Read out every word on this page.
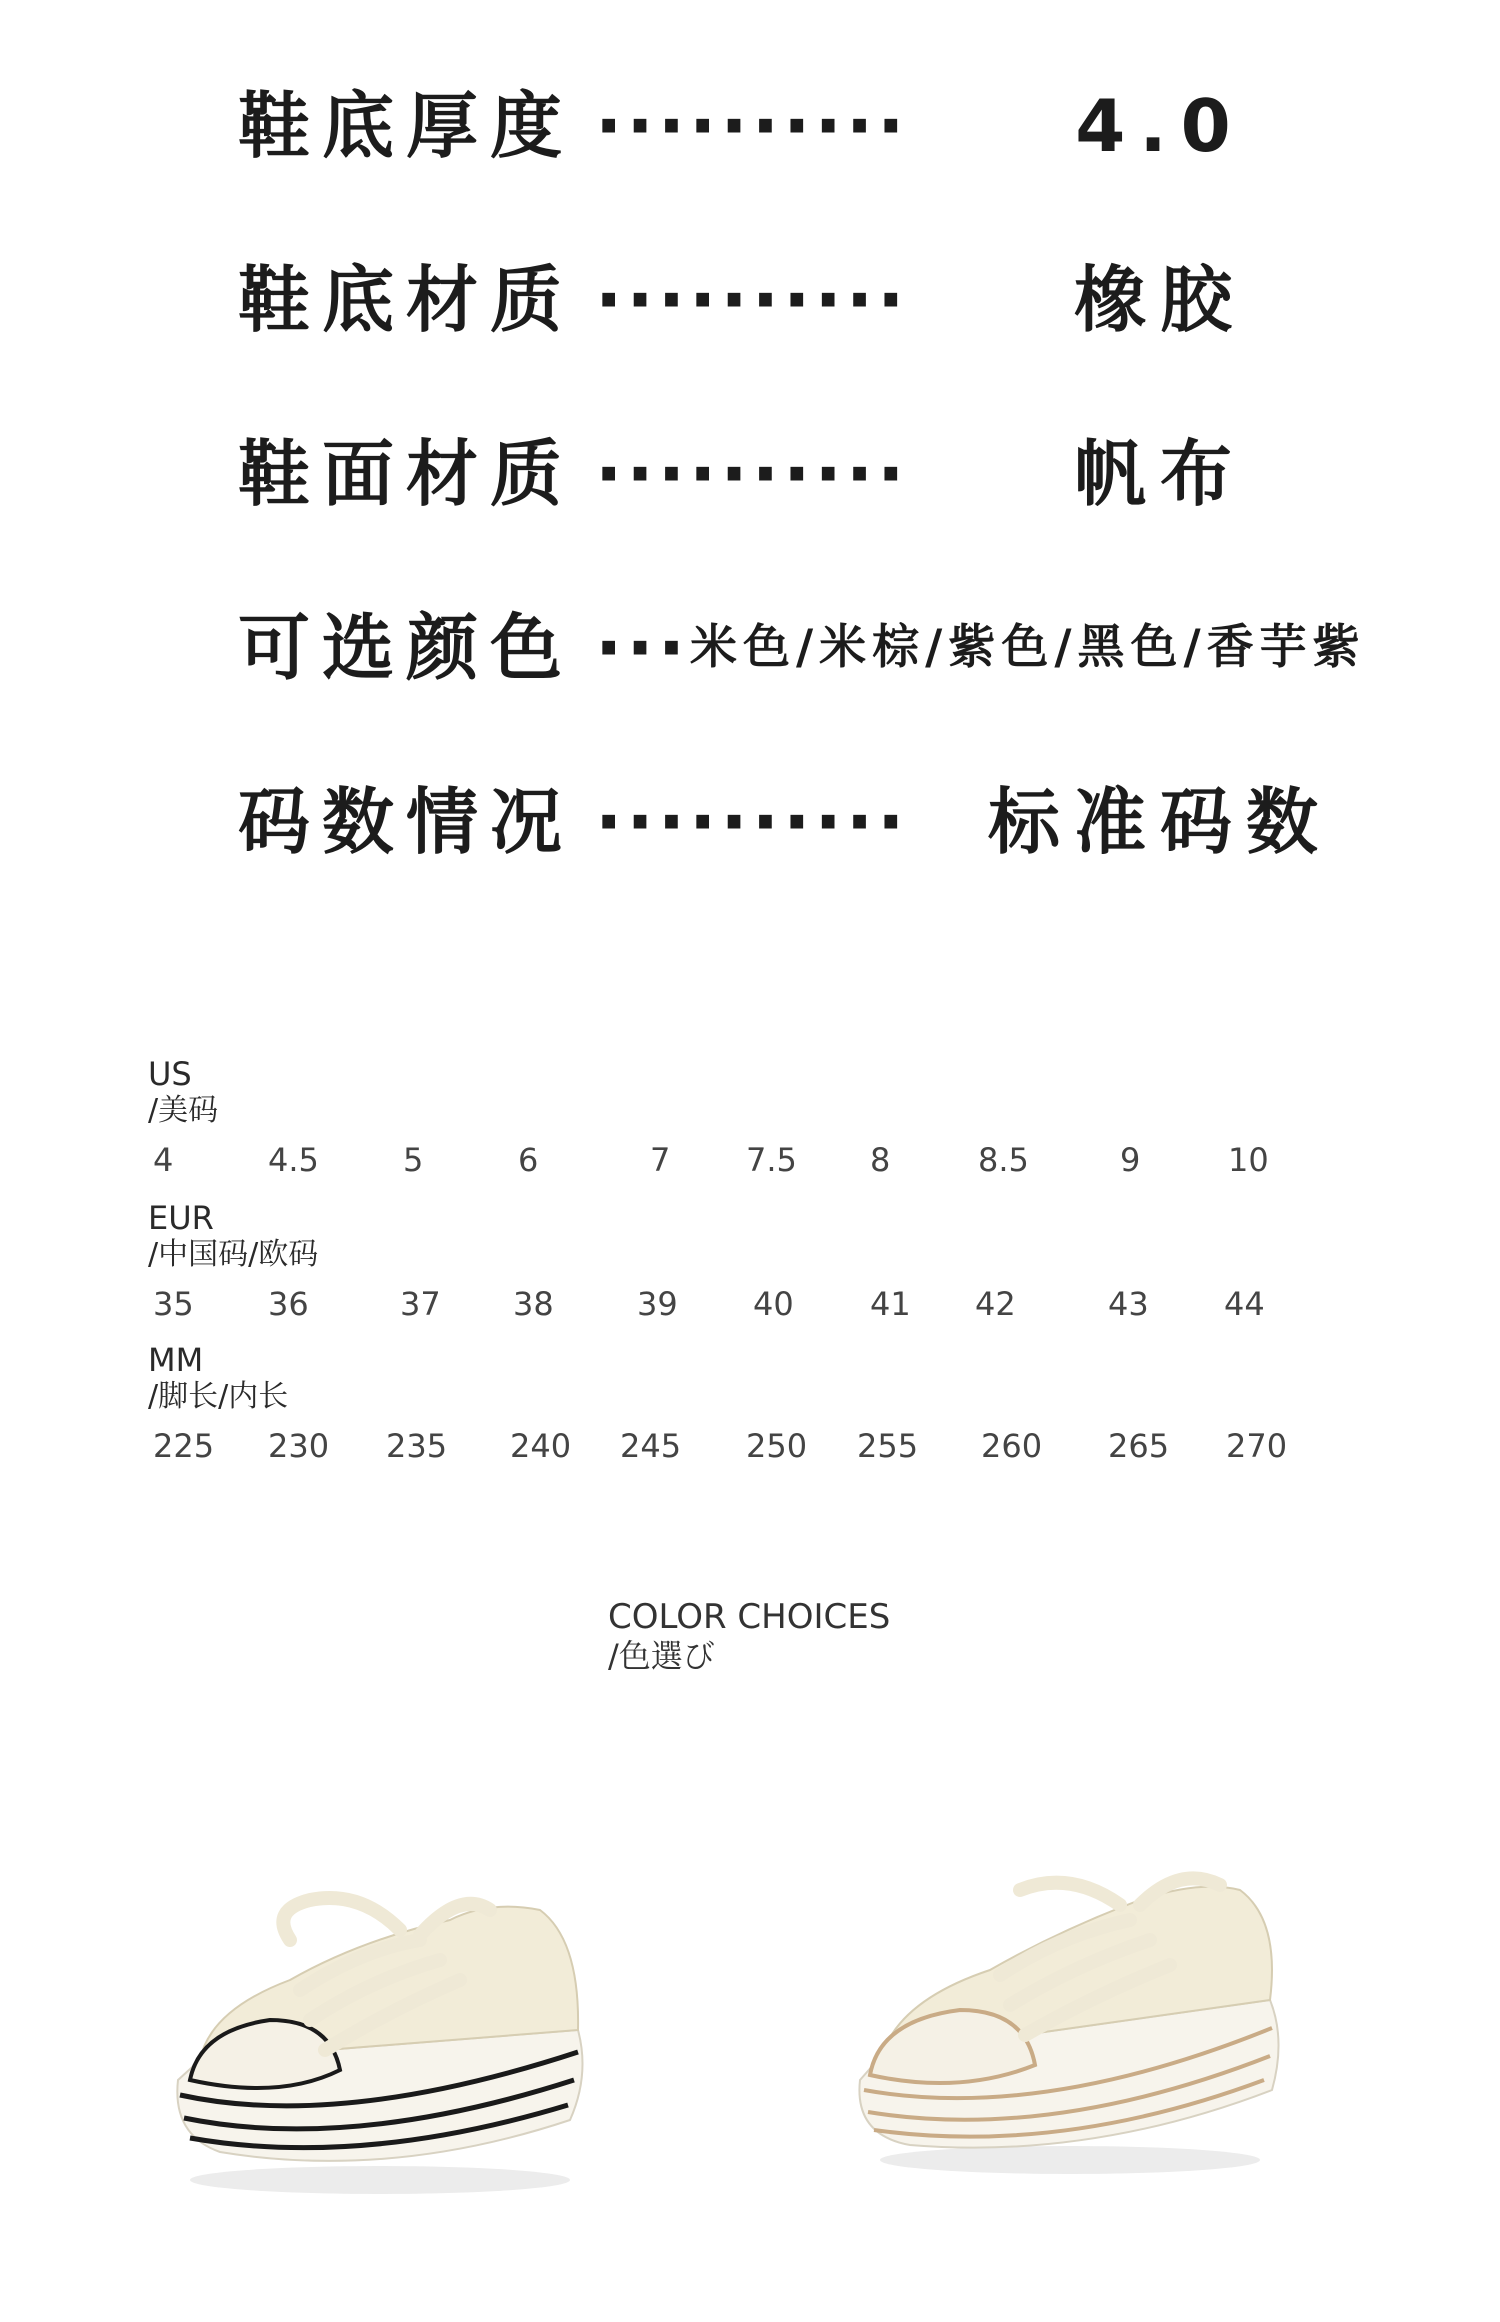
鞋底厚度 ··········	4.0
鞋底材质 ··········	橡胶
鞋面材质 ··········	帆布
可选颜色 ··· 米色/米棕/紫色/黑色/香芋紫
码数情况 ··········	标准码数
US
/美码
4	4.5	5	6	7 7.5 8	8.5	9	10
EUR
/中国码/欧码
35 36	37 38	39 40 41 42	43 44
MM
/脚长/内长
225 230 235 240 245 250 255 260 265 270
COLOR CHOICES
/色選び
